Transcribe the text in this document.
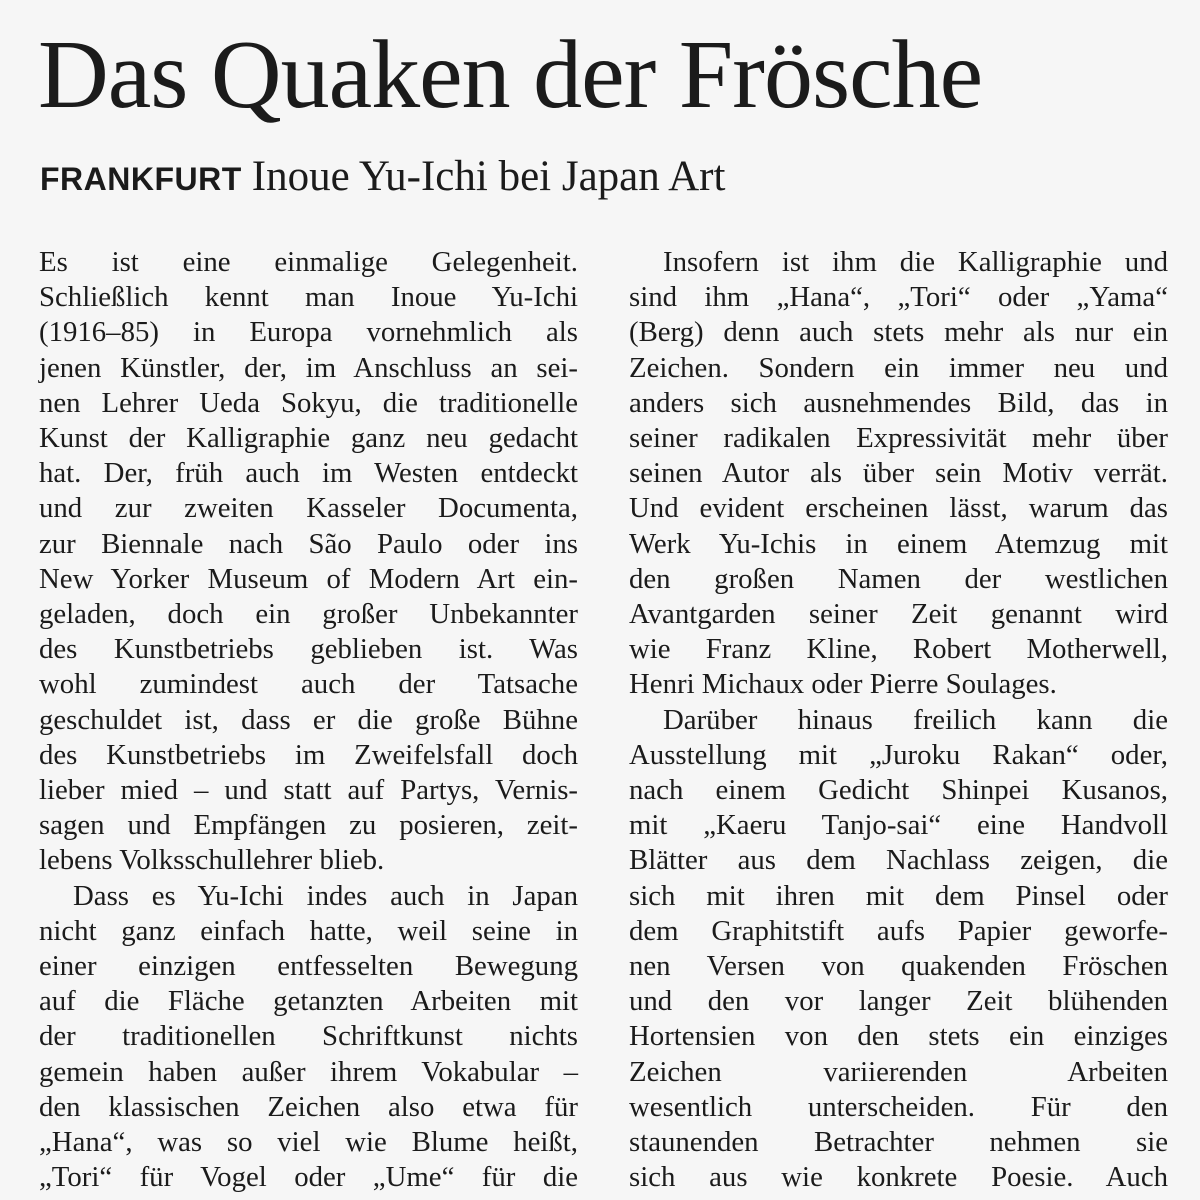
Das Quaken der Frösche
FRANKFURT Inoue Yu-Ichi bei Japan Art

Es ist eine einmalige Gelegenheit.

Schließlich kennt man Inoue Yu-Ichi

(1916–85) in Europa vornehmlich als

jenen Künstler, der, im Anschluss an sei-

nen Lehrer Ueda Sokyu, die traditionelle

Kunst der Kalligraphie ganz neu gedacht

hat. Der, früh auch im Westen entdeckt

und zur zweiten Kasseler Documenta,

zur Biennale nach São Paulo oder ins

New Yorker Museum of Modern Art ein-

geladen, doch ein großer Unbekannter

des Kunstbetriebs geblieben ist. Was

wohl zumindest auch der Tatsache

geschuldet ist, dass er die große Bühne

des Kunstbetriebs im Zweifelsfall doch

lieber mied – und statt auf Partys, Vernis-

sagen und Empfängen zu posieren, zeit-

lebens Volksschullehrer blieb.

Dass es Yu-Ichi indes auch in Japan

nicht ganz einfach hatte, weil seine in

einer einzigen entfesselten Bewegung

auf die Fläche getanzten Arbeiten mit

der traditionellen Schriftkunst nichts

gemein haben außer ihrem Vokabular –

den klassischen Zeichen also etwa für

„Hana“, was so viel wie Blume heißt,

„Tori“ für Vogel oder „Ume“ für die

Insofern ist ihm die Kalligraphie und

sind ihm „Hana“, „Tori“ oder „Yama“

(Berg) denn auch stets mehr als nur ein

Zeichen. Sondern ein immer neu und

anders sich ausnehmendes Bild, das in

seiner radikalen Expressivität mehr über

seinen Autor als über sein Motiv verrät.

Und evident erscheinen lässt, warum das

Werk Yu-Ichis in einem Atemzug mit

den großen Namen der westlichen

Avantgarden seiner Zeit genannt wird

wie Franz Kline, Robert Motherwell,

Henri Michaux oder Pierre Soulages.

Darüber hinaus freilich kann die

Ausstellung mit „Juroku Rakan“ oder,

nach einem Gedicht Shinpei Kusanos,

mit „Kaeru Tanjo-sai“ eine Handvoll

Blätter aus dem Nachlass zeigen, die

sich mit ihren mit dem Pinsel oder

dem Graphitstift aufs Papier geworfe-

nen Versen von quakenden Fröschen

und den vor langer Zeit blühenden

Hortensien von den stets ein einziges

Zeichen variierenden Arbeiten

wesentlich unterscheiden. Für den

staunenden Betrachter nehmen sie

sich aus wie konkrete Poesie. Auch
